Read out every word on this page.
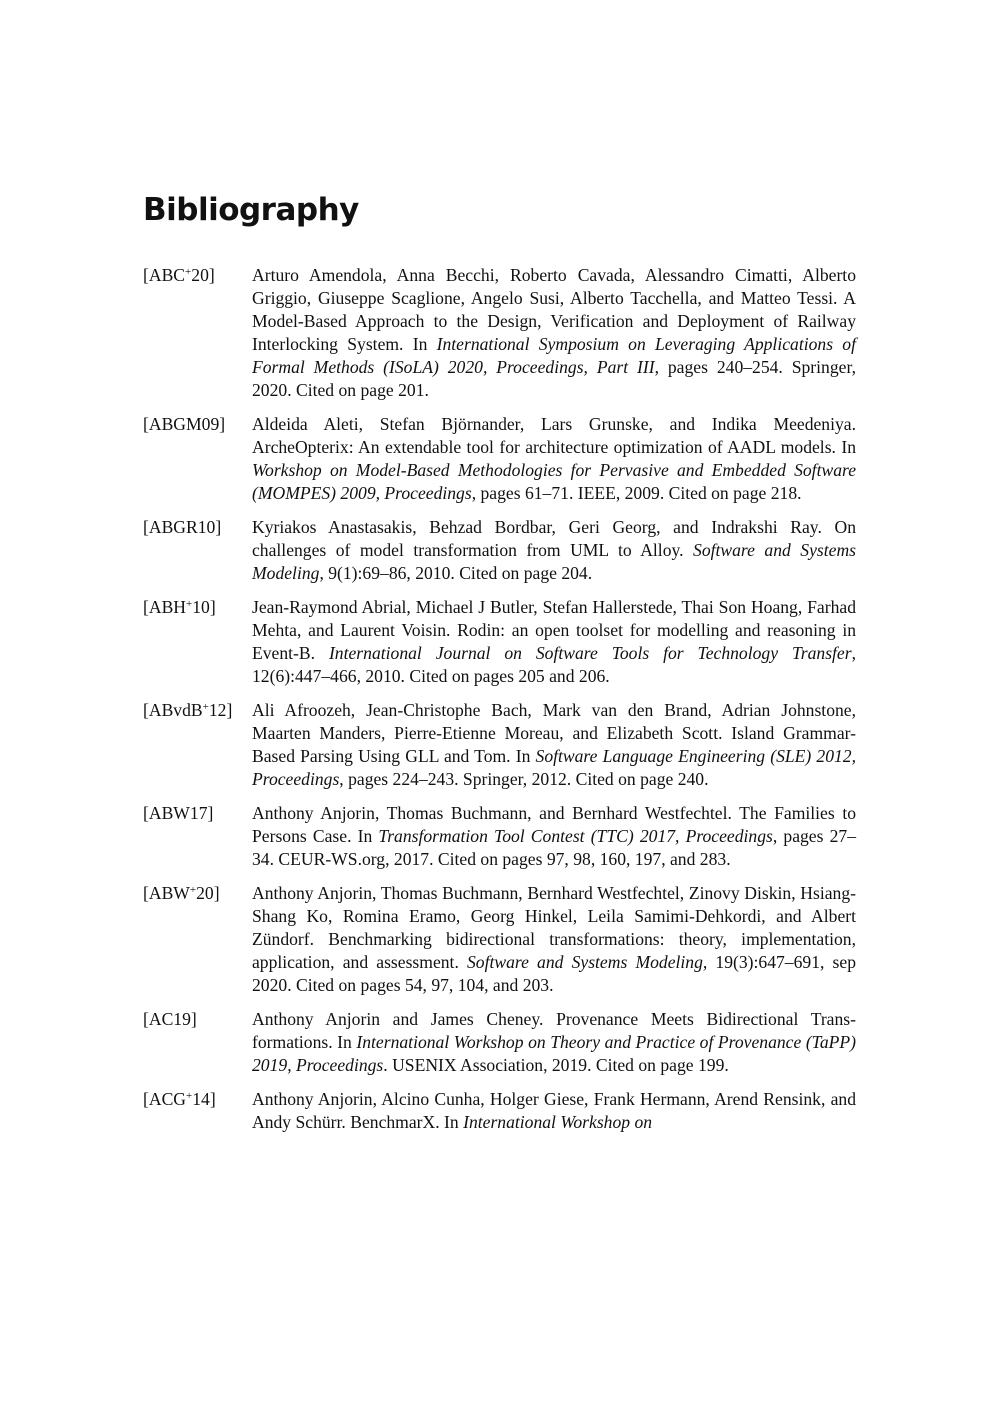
Bibliography
[ABC+20] Arturo Amendola, Anna Becchi, Roberto Cavada, Alessandro Cimatti, Alberto Griggio, Giuseppe Scaglione, Angelo Susi, Alberto Tacchella, and Matteo Tessi. A Model-Based Approach to the Design, Verification and Deployment of Railway Interlocking System. In International Symposium on Leveraging Applications of Formal Methods (ISoLA) 2020, Proceedings, Part III, pages 240–254. Springer, 2020. Cited on page 201.
[ABGM09] Aldeida Aleti, Stefan Björnander, Lars Grunske, and Indika Meedeniya. ArcheOpterix: An extendable tool for architecture optimization of AADL models. In Workshop on Model-Based Methodologies for Pervasive and Embedded Software (MOMPES) 2009, Proceedings, pages 61–71. IEEE, 2009. Cited on page 218.
[ABGR10] Kyriakos Anastasakis, Behzad Bordbar, Geri Georg, and Indrakshi Ray. On challenges of model transformation from UML to Alloy. Software and Systems Modeling, 9(1):69–86, 2010. Cited on page 204.
[ABH+10] Jean-Raymond Abrial, Michael J Butler, Stefan Hallerstede, Thai Son Hoang, Farhad Mehta, and Laurent Voisin. Rodin: an open toolset for modelling and reasoning in Event-B. International Journal on Software Tools for Technology Transfer, 12(6):447–466, 2010. Cited on pages 205 and 206.
[ABvdB+12] Ali Afroozeh, Jean-Christophe Bach, Mark van den Brand, Adrian Johnstone, Maarten Manders, Pierre-Etienne Moreau, and Elizabeth Scott. Island Grammar-Based Parsing Using GLL and Tom. In Software Language Engineering (SLE) 2012, Proceedings, pages 224–243. Springer, 2012. Cited on page 240.
[ABW17] Anthony Anjorin, Thomas Buchmann, and Bernhard Westfechtel. The Families to Persons Case. In Transformation Tool Contest (TTC) 2017, Proceedings, pages 27–34. CEUR-WS.org, 2017. Cited on pages 97, 98, 160, 197, and 283.
[ABW+20] Anthony Anjorin, Thomas Buchmann, Bernhard Westfechtel, Zinovy Diskin, Hsiang-Shang Ko, Romina Eramo, Georg Hinkel, Leila Samimi-Dehkordi, and Albert Zündorf. Benchmarking bidirectional transformations: theory, implementation, application, and assessment. Software and Systems Modeling, 19(3):647–691, sep 2020. Cited on pages 54, 97, 104, and 203.
[AC19]	Anthony Anjorin and James Cheney. Provenance Meets Bidirectional Transformations. In International Workshop on Theory and Practice of Provenance (TaPP) 2019, Proceedings. USENIX Association, 2019. Cited on page 199.
[ACG+14] Anthony Anjorin, Alcino Cunha, Holger Giese, Frank Hermann, Arend Rensink, and Andy Schürr. BenchmarX. In International Workshop on
